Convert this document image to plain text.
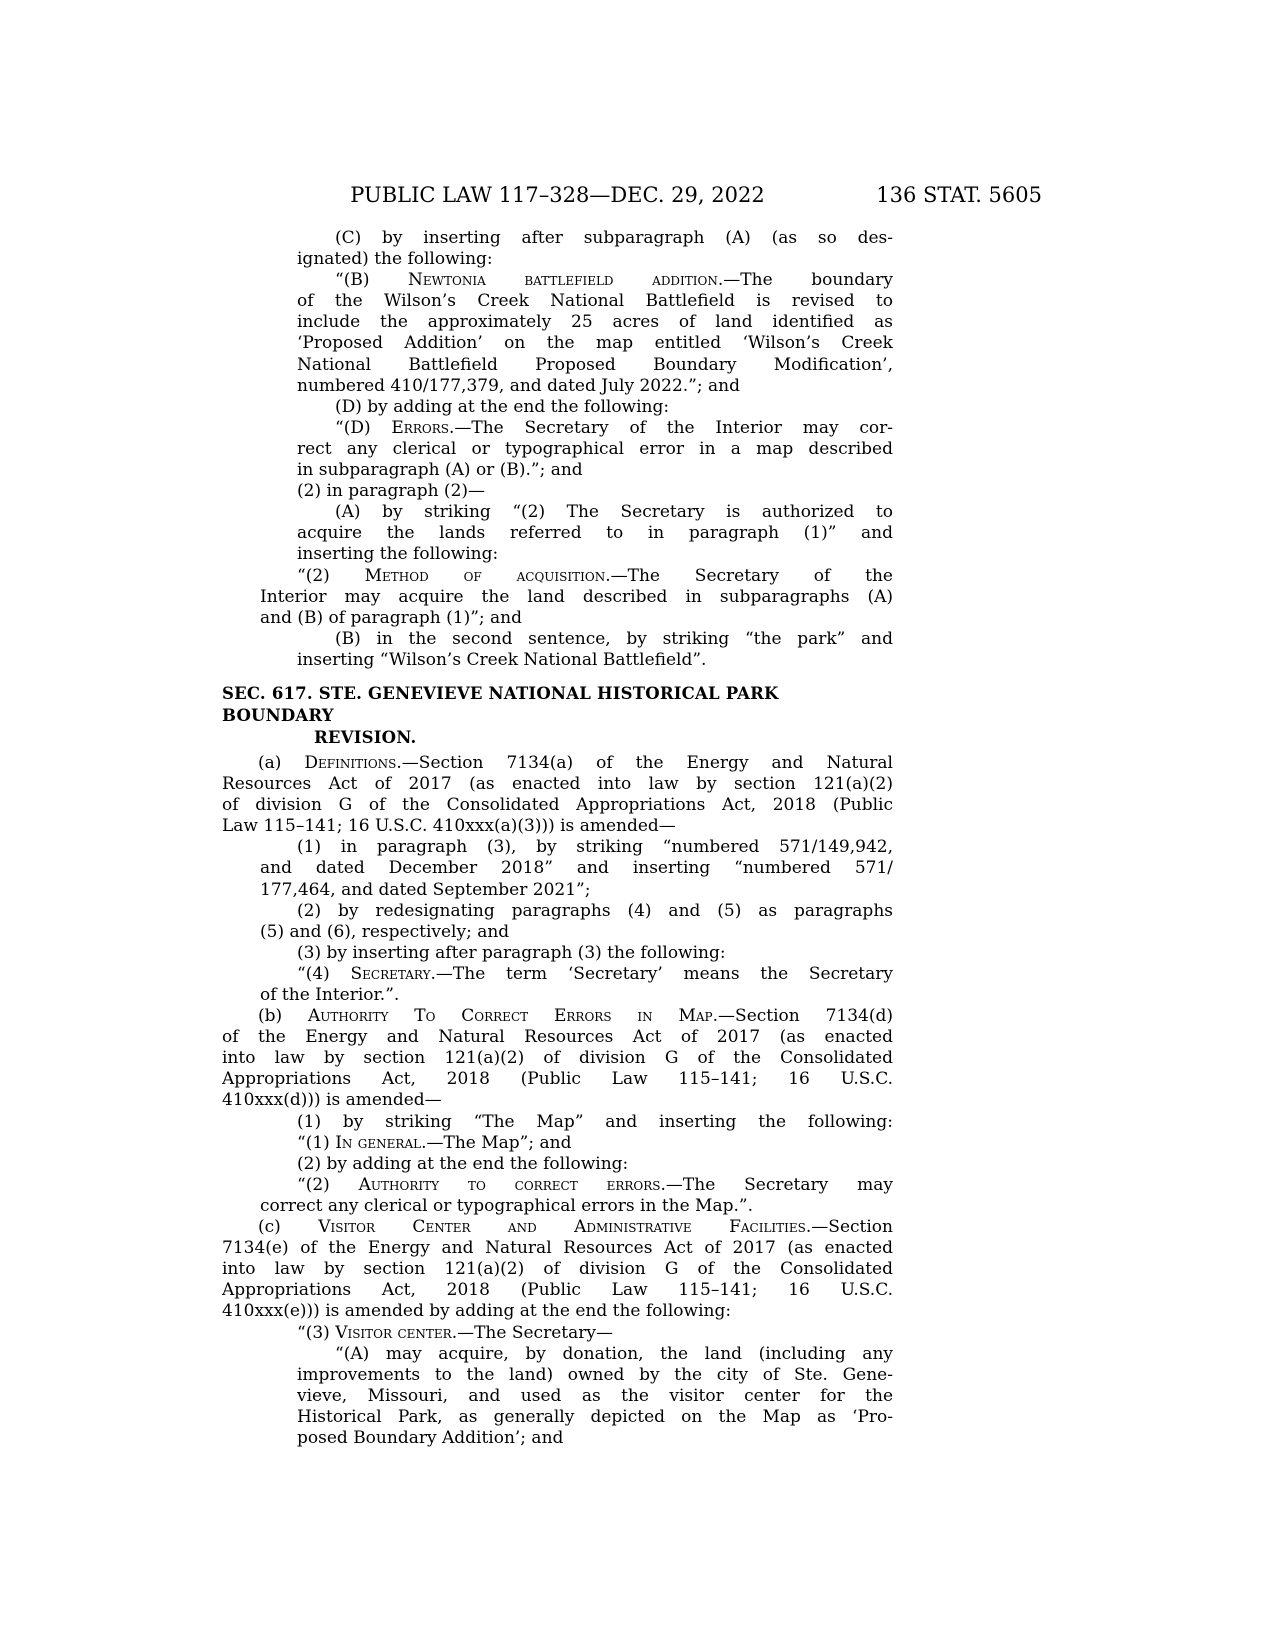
PUBLIC LAW 117–328—DEC. 29, 2022	136 STAT. 5605
(C) by inserting after subparagraph (A) (as so des-
ignated) the following:
“(B) Newtonia battlefield addition.—The boundary
of the Wilson’s Creek National Battlefield is revised to
include the approximately 25 acres of land identified as
‘Proposed Addition’ on the map entitled ‘Wilson’s Creek
National Battlefield Proposed Boundary Modification’,
numbered 410/177,379, and dated July 2022.”; and
(D) by adding at the end the following:
“(D) Errors.—The Secretary of the Interior may cor-
rect any clerical or typographical error in a map described
in subparagraph (A) or (B).”; and
(2) in paragraph (2)—
(A) by striking “(2) The Secretary is authorized to
acquire the lands referred to in paragraph (1)” and
inserting the following:
“(2) Method of acquisition.—The Secretary of the
Interior may acquire the land described in subparagraphs (A)
and (B) of paragraph (1)”; and
(B) in the second sentence, by striking “the park” and
inserting “Wilson’s Creek National Battlefield”.
SEC. 617. STE. GENEVIEVE NATIONAL HISTORICAL PARK BOUNDARY
REVISION.
(a) Definitions.—Section 7134(a) of the Energy and Natural
Resources Act of 2017 (as enacted into law by section 121(a)(2)
of division G of the Consolidated Appropriations Act, 2018 (Public
Law 115–141; 16 U.S.C. 410xxx(a)(3))) is amended—
(1) in paragraph (3), by striking “numbered 571/149,942,
and dated December 2018” and inserting “numbered 571/
177,464, and dated September 2021”;
(2) by redesignating paragraphs (4) and (5) as paragraphs
(5) and (6), respectively; and
(3) by inserting after paragraph (3) the following:
“(4) Secretary.—The term ‘Secretary’ means the Secretary
of the Interior.”.
(b) Authority To Correct Errors in Map.—Section 7134(d)
of the Energy and Natural Resources Act of 2017 (as enacted
into law by section 121(a)(2) of division G of the Consolidated
Appropriations Act, 2018 (Public Law 115–141; 16 U.S.C.
410xxx(d))) is amended—
(1) by striking “The Map” and inserting the following:
“(1) In general.—The Map”; and
(2) by adding at the end the following:
“(2) Authority to correct errors.—The Secretary may
correct any clerical or typographical errors in the Map.”.
(c) Visitor Center and Administrative Facilities.—Section
7134(e) of the Energy and Natural Resources Act of 2017 (as enacted
into law by section 121(a)(2) of division G of the Consolidated
Appropriations Act, 2018 (Public Law 115–141; 16 U.S.C.
410xxx(e))) is amended by adding at the end the following:
“(3) Visitor center.—The Secretary—
“(A) may acquire, by donation, the land (including any
improvements to the land) owned by the city of Ste. Gene-
vieve, Missouri, and used as the visitor center for the
Historical Park, as generally depicted on the Map as ‘Pro-
posed Boundary Addition’; and
